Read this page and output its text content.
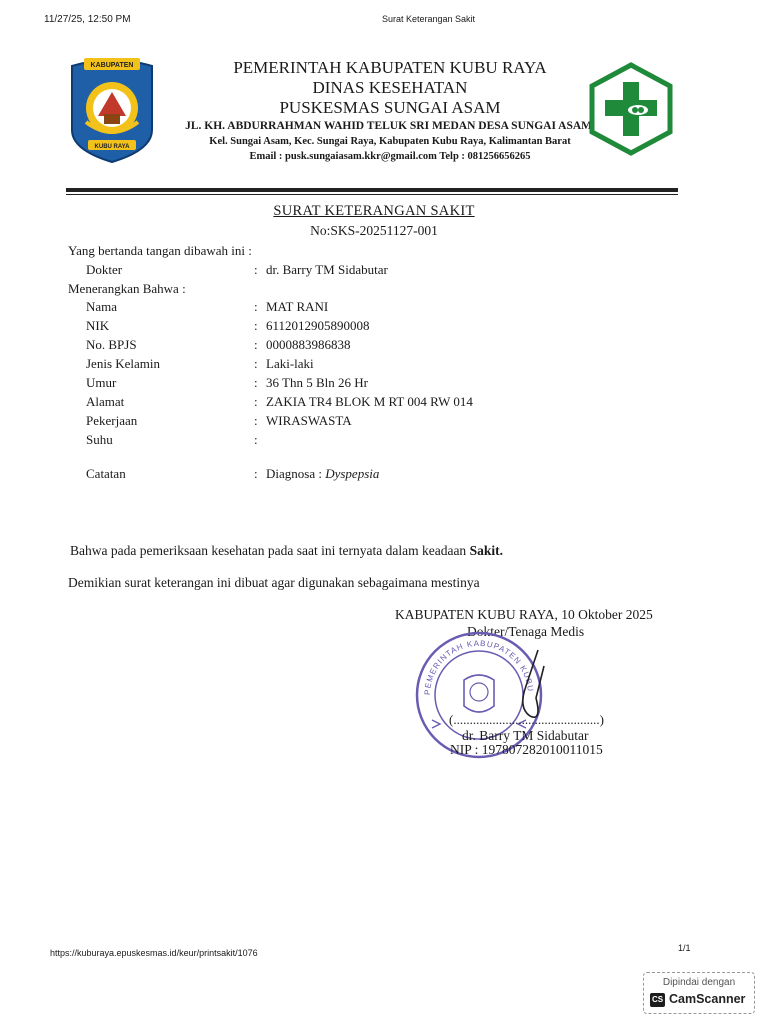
11/27/25, 12:50 PM	Surat Keterangan Sakit
KABUPATEN
KUBU RAYA
PEMERINTAH KABUPATEN KUBU RAYA
DINAS KESEHATAN
PUSKESMAS SUNGAI ASAM
JL. KH. ABDURRAHMAN WAHID TELUK SRI MEDAN DESA SUNGAI ASAM,
Kel. Sungai Asam, Kec. Sungai Raya, Kabupaten Kubu Raya, Kalimantan Barat
Email : pusk.sungaiasam.kkr@gmail.com Telp : 081256656265
SURAT KETERANGAN SAKIT
No:SKS-20251127-001
Yang bertanda tangan dibawah ini :
Dokter	: dr. Barry TM Sidabutar
Menerangkan Bahwa :
Nama	: MAT RANI
NIK	: 6112012905890008
No. BPJS	: 0000883986838
Jenis Kelamin	: Laki-laki
Umur	: 36 Thn 5 Bln 26 Hr
Alamat	: ZAKIA TR4 BLOK M RT 004 RW 014
Pekerjaan	: WIRASWASTA
Suhu	:
Catatan	: Diagnosa : Dyspepsia
Bahwa pada pemeriksaan kesehatan pada saat ini ternyata dalam keadaan Sakit.
Demikian surat keterangan ini dibuat agar digunakan sebagaimana mestinya
KABUPATEN KUBU RAYA, 10 Oktober 2025
Dokter/Tenaga Medis
PEMERINTAH KABUPATEN KUBU
(.............................................)
dr. Barry TM Sidabutar
NIP : 197807282010011015
https://kuburaya.epuskesmas.id/keur/printsakit/1076	1/1
Dipindai dengan
CS CamScanner
